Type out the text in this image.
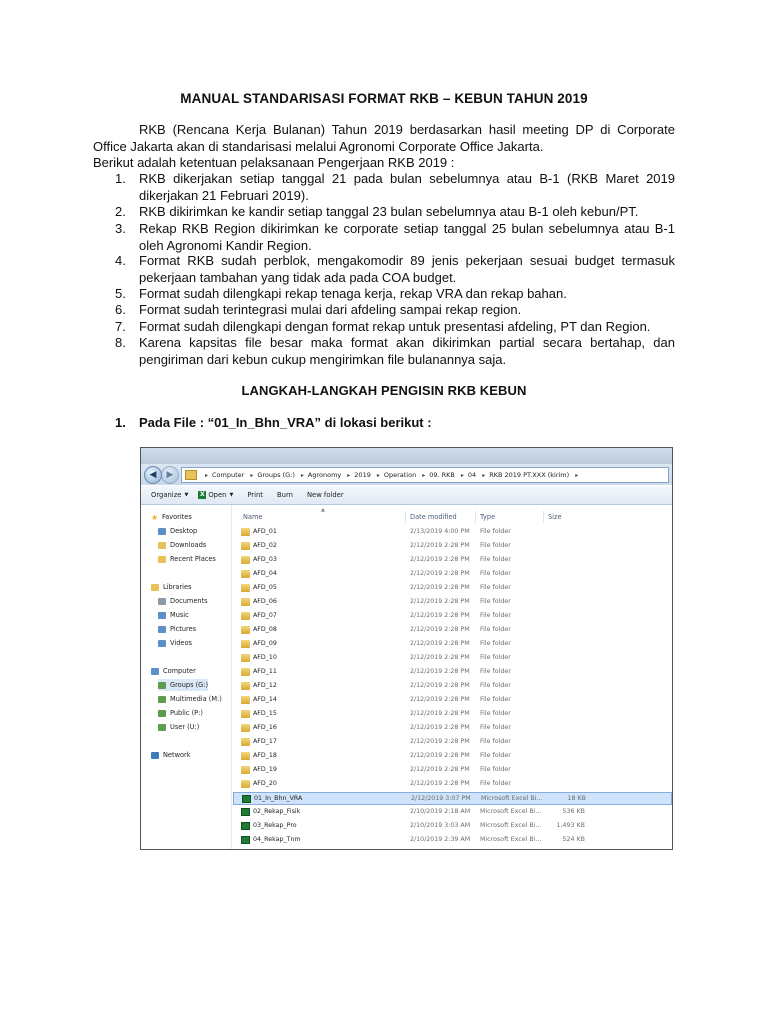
MANUAL STANDARISASI FORMAT RKB – KEBUN TAHUN 2019
RKB (Rencana Kerja Bulanan) Tahun 2019 berdasarkan hasil meeting DP di Corporate Office Jakarta akan di standarisasi melalui Agronomi Corporate Office Jakarta.
Berikut adalah ketentuan pelaksanaan Pengerjaan RKB 2019 :
1.	RKB dikerjakan setiap tanggal 21 pada bulan sebelumnya atau B-1 (RKB Maret 2019 dikerjakan 21 Februari 2019).
2.	RKB dikirimkan ke kandir setiap tanggal 23 bulan sebelumnya atau B-1 oleh kebun/PT.
3.	Rekap RKB Region dikirimkan ke corporate setiap tanggal 25 bulan sebelumnya atau B-1 oleh Agronomi Kandir Region.
4.	Format RKB sudah perblok, mengakomodir 89 jenis pekerjaan sesuai budget termasuk pekerjaan tambahan yang tidak ada pada COA budget.
5.	Format sudah dilengkapi rekap tenaga kerja, rekap VRA dan rekap bahan.
6.	Format sudah terintegrasi mulai dari afdeling sampai rekap region.
7.	Format sudah dilengkapi dengan format rekap untuk presentasi afdeling, PT dan Region.
8.	Karena kapsitas file besar maka format akan dikirimkan partial secara bertahap, dan pengiriman dari kebun cukup mengirimkan file bulanannya saja.
LANGKAH-LANGKAH PENGISIN RKB KEBUN
1.	Pada File : “01_In_Bhn_VRA” di lokasi berikut :
◀	▶	▸ Computer ▸ Groups (G:) ▸ Agronomy ▸ 2019 ▸ Operation ▸ 09. RKB ▸ 04 ▸ RKB 2019 PT.XXX (kirim) ▸
Organize ▼ X Open ▼ Print Burn New folder
★ Favorites
Desktop
Downloads
Recent Places
Libraries
Documents
Music
Pictures
Videos
Computer
Groups (G:)
Multimedia (M:)
Public (P:)
User (U:)
Network
▲
Name	Date modified	Type	Size
AFD_01	2/13/2019 4:00 PM File folder
AFD_02	2/12/2019 2:28 PM File folder
AFD_03	2/12/2019 2:28 PM File folder
AFD_04	2/12/2019 2:28 PM File folder
AFD_05	2/12/2019 2:28 PM File folder
AFD_06	2/12/2019 2:28 PM File folder
AFD_07	2/12/2019 2:28 PM File folder
AFD_08	2/12/2019 2:28 PM File folder
AFD_09	2/12/2019 2:28 PM File folder
AFD_10	2/12/2019 2:28 PM File folder
AFD_11	2/12/2019 2:28 PM File folder
AFD_12	2/12/2019 2:28 PM File folder
AFD_14	2/12/2019 2:28 PM File folder
AFD_15	2/12/2019 2:28 PM File folder
AFD_16	2/12/2019 2:28 PM File folder
AFD_17	2/12/2019 2:28 PM File folder
AFD_18	2/12/2019 2:28 PM File folder
AFD_19	2/12/2019 2:28 PM File folder
AFD_20	2/12/2019 2:28 PM File folder
01_In_Bhn_VRA	2/12/2019 3:07 PM Microsoft Excel Bi...	18 KB
02_Rekap_Fisik	2/10/2019 2:18 AM Microsoft Excel Bi...	536 KB
03_Rekap_Pro	2/10/2019 3:03 AM Microsoft Excel Bi...	1,493 KB
04_Rekap_Tnm	2/10/2019 2:39 AM Microsoft Excel Bi...	524 KB
